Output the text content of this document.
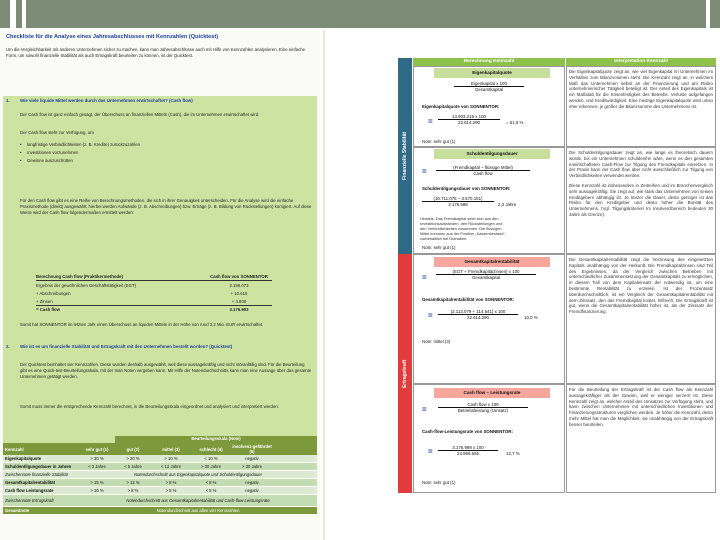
Checkliste für die Analyse eines Jahresabschlusses mit Kennzahlen (Quicktest)
Um die Vergleichbarkeit mit anderen Unternehmen sicher zu machen, kann man Jahresabschlüsse auch mit Hilfe von Kennzahlen analysieren. Eine einfache Form, um sowohl finanzielle Stabilität als auch Ertragskraft beurteilen zu können, ist der Quicktest.
1. Wie viele liquide Mittel werden durch das Unternehmen erwirtschaftet? (Cash flow)
Der Cash flow ist ganz einfach gesagt, der Überschuss an finanziellen Mitteln (Cash), die im Unternehmen erwirtschaftet wird.
Der Cash flow steht zur Verfügung, um
• langfristige Verbindlichkeiten (z. B. Kredite) zurückzuzahlen
• Investitionen vorzunehmen
• Gewinne auszuschütten
Für den Cash flow gibt es eine Reihe von Berechnungsmethoden, die sich in ihrer Genauigkeit unterscheiden. Für die Analyse wird die einfache Praxismethode (direkt) ausgewählt; hierbei werden Aufwände (z. B. Abschreibungen) bzw. Erträge (z. B. Bildung von Rückstellungen) korrigiert. Auf diese Weise wird der Cash flow folgendermaßen ermittelt werden:
Berechnung Cash flow (Praktikermethode)	Cash flow von SONNENTOR
Ergebnis der gewöhnlichen Geschäftstätigkeit (EGT)	2.158.073
+ Abschreibungen	+ 10.615
+ Zinsen	+ 4.800
= Cash flow	3.176.903
Somit hat SONNENTOR im letzten Jahr einen Überschuss an liquiden Mitteln in der Höhe von rund 3,2 Mio. EUR erwirtschaftet.
2. Wie ist es um finanzielle Stabilität und Ertragskraft mit den Unternehmen bestellt worden? (Quicktest)
Der Quicktest beinhaltet vier Kennzahlen. Diese wurden deshalb ausgewählt, weil diese aussagekräftig und nicht störanfällig sind. Für die Beurteilung gibt es eine Quick-test-Beurteilungsskala, mit der man Noten vergeben kann. Mit Hilfe der Notendurchschnitts kann man eine Aussage über das gesamte Unternehmen getätigt werden.
Somit muss immer die entsprechende Kennzahl berechnet, in die Beurteilungsskala eingeordnet und analysiert und interpretiert werden.
Beurteilungsskala (Note)
Kennzahl	sehr gut (1)	gut (2)	mittel (3)	schlecht (4)	insolvenz-gefährdet (5)
Eigenkapitalquote	> 30 %	> 20 %	> 10 %	< 10 %	negativ
Schuldentilgungsdauer in Jahren	< 3 Jahre	< 5 Jahre	< 12 Jahre	> 30 Jahre	> 30 Jahre
Zwischennote finanzielle Stabilität	Notendurchschnitt aus Eigenkapitalquote und Schuldentilgungsdauer
Gesamtkapitalrentabilität	> 15 %	> 12 %	> 8 %	< 8 %	negativ
Cash flow Leistungsrate	> 10 %	> 8 %	> 5 %	< 5 %	negativ
Zwischennote Ertragskraft	Notendurchschnitt aus Gesamtkapitalrentabilität und Cash-flow-Leistungsrate
Gesamtnote	Notendurchschnitt aus allen vier Kennzahlen
Finanzielle Stabilität
Ertragskraft
Berechnung Kennzahl	Interpretation Kennzahl
Eigenkapitalquote
Eigenkapital x 100
Gesamtkapital
Eigenkapitalquote von SONNENTOR:
= $\frac{13.903.216 x 100}{22.614.290} = 61,6$ %
Note: sehr gut (1)
Die Eigenkapitalquote zeigt an, wie viel Eigenkapital im Unternehmen im Verhältnis zum Bilanzvolumen steht. Die Kennzahl zeigt an, in welchem Maß das Unternehmen selbst an der Finanzierung und am Risiko unternehmerischer Tätigkeit beteiligt ist. Der Anteil des Eigenkapitals ist ein Maßstab für die Krisenfestigkeit des Betriebs. Verluste aufgefangen werden, und Kreditwürdigkeit. Eine niedrige Eigenkapitalquote wird umso eher erkennen, je größer die Bilanzsumme des Unternehmens ist.
Schuldentilgungsdauer
=	(Fremdkapital – flüssige Mittel)
Cash flow
Schuldentilgungsdauer von SONNENTOR:
$\frac{(10.711.075 - 3.570.151)}{3.176.588} 2,3$ Jahre
Hinweis: Das Fremdkapital setzt sich aus den Investitionsaufwänden, den Rückstellungen und den Verbindlichkeiten zusammen. Die flüssigen Mittel kommen aus der Position „Kassenbestand“, vorbehaltlich bei Guthaben.
Note: sehr gut (1)
Die Schuldentilgungsdauer zeigt an, wie lange es theoretisch dauern würde, bis ein Unternehmen schuldenfrei wäre, wenn es den gesamten erwirtschafteten Cash-Flow zur Tilgung des Fremdkapitals einsetzen. In der Praxis kann der Cash flow aber nicht ausschließlich zur Tilgung von Verbindlichkeiten verwendet werden.
Diese Kennzahl ist insbesondere in Zeitreihen und im Branchenvergleich sehr aussagekräftig. Sie zeigt auf, wie stark das Unternehmen von seinen Kreditgebern abhängig ist. Je kürzer die Dauer, desto geringer ist das Risiko für den Kreditgeber und desto höher die Bonität des Unternehmens. (Vgl. Tilgungskriterien Im Insolvenzbereich bedeuten 30 Jahre als Grenze).
Gesamtkapitalrentabilität
=
(EGT + Fremdkapitalzinsen) x 100
Gesamtkapital
Gesamtkapitalrentabilität von SONNENTOR:
= $\frac{(2.113.079 + 114.541) x 100}{22.614.290} 10,0$ %
Note: mittel (3)
Die Gesamtkapitalrentabilität zeigt die Verzinsung des eingesetzten Kapitals unabhängig von der Herkunft. Die Fremdkapitalzinsen sind Teil des Ergebnisses, da der Vergleich zwischen Betrieben mit unterschiedlicher Zusammensetzung der Gesamtkapitals zu ermöglichen, in diesem Fall von dem Kapitaleinsatz der notwendig ist, um eine bestimmte Rentabilität zu erzielen. Ist der Prozentsatz überdurchschnittlich, ist ein Vergleich der Gesamtkapitalrentabilität mit dem Zinssatz, den das Fremdkapital kostet, hilfreich. Die Ertragskraft ist gut, wenn die Gesamtkapitalrentabilität höher ist, als der Zinssatz der Fremdfinanzierung.
Cash flow – Leistungsrate
=
Cash flow x 100
Betriebsleistung (Umsatz)
Cash-flow-Leistungsrate von SONNENTOR:
= $\frac{3.176.998 x 100}{24.958.655} 12,7$ %
Note: sehr gut (1)
Für die Beurteilung der Ertragskraft ist der Cash flow als Kennzahl aussagekräftiger als der Gewinn, weil er weniger verzerrt ist. Diese Kennzahl zeigt an, welcher Anteil des Umsatzes zur Verfügung steht, und kann zwischen Unternehmen mit unterschiedlichen Investitionen und Finanzierungsstrukturen verglichen werden. Je höher die Kennzahl, desto mehr Mittel hat man die Möglichkeit, sie unabhängig von der Ertragskraft besser beurteilen.
